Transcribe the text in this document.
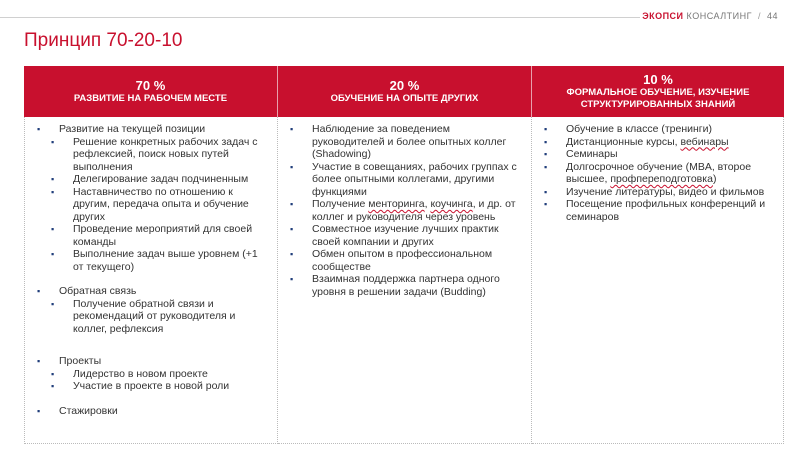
ЭКОПСИ КОНСАЛТИНГ / 44
Принцип 70-20-10
70 %
РАЗВИТИЕ НА РАБОЧЕМ МЕСТЕ
▪ Развитие на текущей позиции
▪ Решение конкретных рабочих задач с рефлексией, поиск новых путей выполнения
▪ Делегирование задач подчиненным
▪ Наставничество по отношению к другим, передача опыта и обучение других
▪ Проведение мероприятий для своей команды
▪ Выполнение задач выше уровнем (+1 от текущего)
▪ Обратная связь
▪ Получение обратной связи и рекомендаций от руководителя и коллег, рефлексия
▪ Проекты
▪ Лидерство в новом проекте
▪ Участие в проекте в новой роли
▪ Стажировки
20 %
ОБУЧЕНИЕ НА ОПЫТЕ ДРУГИХ
▪ Наблюдение за поведением руководителей и более опытных коллег (Shadowing)
▪ Участие в совещаниях, рабочих группах с более опытными коллегами, другими функциями
▪ Получение менторинга, коучинга, и др. от коллег и руководителя через уровень
▪ Совместное изучение лучших практик своей компании и других
▪ Обмен опытом в профессиональном сообществе
▪ Взаимная поддержка партнера одного уровня в решении задачи (Budding)
10 %
ФОРМАЛЬНОЕ ОБУЧЕНИЕ, ИЗУЧЕНИЕ СТРУКТУРИРОВАННЫХ ЗНАНИЙ
▪ Обучение в классе (тренинги)
▪ Дистанционные курсы, вебинары
▪ Семинары
▪ Долгосрочное обучение (MBA, второе высшее, профпереподготовка)
▪ Изучение литературы, видео и фильмов
▪ Посещение профильных конференций и семинаров
